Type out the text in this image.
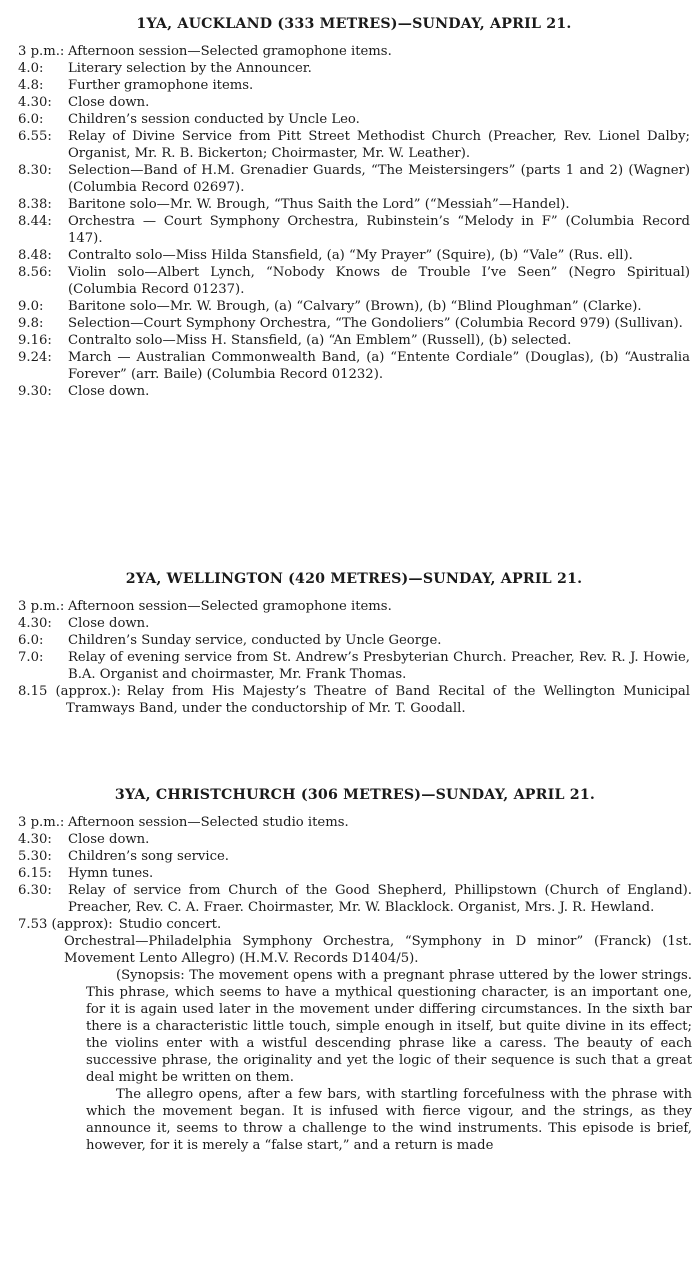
1YA, AUCKLAND (333 METRES)—SUNDAY, APRIL 21.
3 p.m.: Afternoon session—Selected gramophone items.
4.0:	Literary selection by the Announcer.
4.8:	Further gramophone items.
4.30:	Close down.
6.0:	Children’s session conducted by Uncle Leo.
6.55:	Relay of Divine Service from Pitt Street Methodist Church (Preacher, Rev. Lionel Dalby; Organist, Mr. R. B. Bickerton; Choirmaster, Mr. W. Leather).
8.30:	Selection—Band of H.M. Grenadier Guards, “The Meistersingers” (parts 1 and 2) (Wagner) (Columbia Record 02697).
8.38:	Baritone solo—Mr. W. Brough, “Thus Saith the Lord” (“Messiah”—Handel).
8.44:	Orchestra — Court Symphony Orchestra, Rubinstein’s “Melody in F” (Columbia Record 147).
8.48:	Contralto solo—Miss Hilda Stansfield, (a) “My Prayer” (Squire), (b) “Vale” (Rus. ell).
8.56:	Violin solo—Albert Lynch, “Nobody Knows de Trouble I’ve Seen” (Negro Spiritual) (Columbia Record 01237).
9.0:	Baritone solo—Mr. W. Brough, (a) “Calvary” (Brown), (b) “Blind Ploughman” (Clarke).
9.8:	Selection—Court Symphony Orchestra, “The Gondoliers” (Columbia Record 979) (Sullivan).
9.16:	Contralto solo—Miss H. Stansfield, (a) “An Emblem” (Russell), (b) selected.
9.24:	March — Australian Commonwealth Band, (a) “Entente Cordiale” (Douglas), (b) “Australia Forever” (arr. Baile) (Columbia Record 01232).
9.30:	Close down.
2YA, WELLINGTON (420 METRES)—SUNDAY, APRIL 21.
3 p.m.: Afternoon session—Selected gramophone items.
4.30:	Close down.
6.0:	Children’s Sunday service, conducted by Uncle George.
7.0:	Relay of evening service from St. Andrew’s Presbyterian Church. Preacher, Rev. R. J. Howie, B.A. Organist and choirmaster, Mr. Frank Thomas.
8.15 (approx.): Relay from His Majesty’s Theatre of Band Recital of the Wellington Municipal Tramways Band, under the conductorship of Mr. T. Goodall.
3YA, CHRISTCHURCH (306 METRES)—SUNDAY, APRIL 21.
3 p.m.: Afternoon session—Selected studio items.
4.30:	Close down.
5.30:	Children’s song service.
6.15:	Hymn tunes.
6.30:	Relay of service from Church of the Good Shepherd, Phillipstown (Church of England). Preacher, Rev. C. A. Fraer. Choirmaster, Mr. W. Blacklock. Organist, Mrs. J. R. Hewland.
7.53 (approx): Studio concert.
Orchestral—Philadelphia Symphony Orchestra, “Symphony in D minor” (Franck) (1st. Movement Lento Allegro) (H.M.V. Records D1404/5).
(Synopsis: The movement opens with a pregnant phrase uttered by the lower strings. This phrase, which seems to have a mythical questioning character, is an important one, for it is again used later in the movement under differing circumstances. In the sixth bar there is a characteristic little touch, simple enough in itself, but quite divine in its effect; the violins enter with a wistful descending phrase like a caress. The beauty of each successive phrase, the originality and yet the logic of their sequence is such that a great deal might be written on them.
The allegro opens, after a few bars, with startling forcefulness with the phrase with which the movement began. It is infused with fierce vigour, and the strings, as they announce it, seems to throw a challenge to the wind instruments. This episode is brief, however, for it is merely a “false start,” and a return is made
